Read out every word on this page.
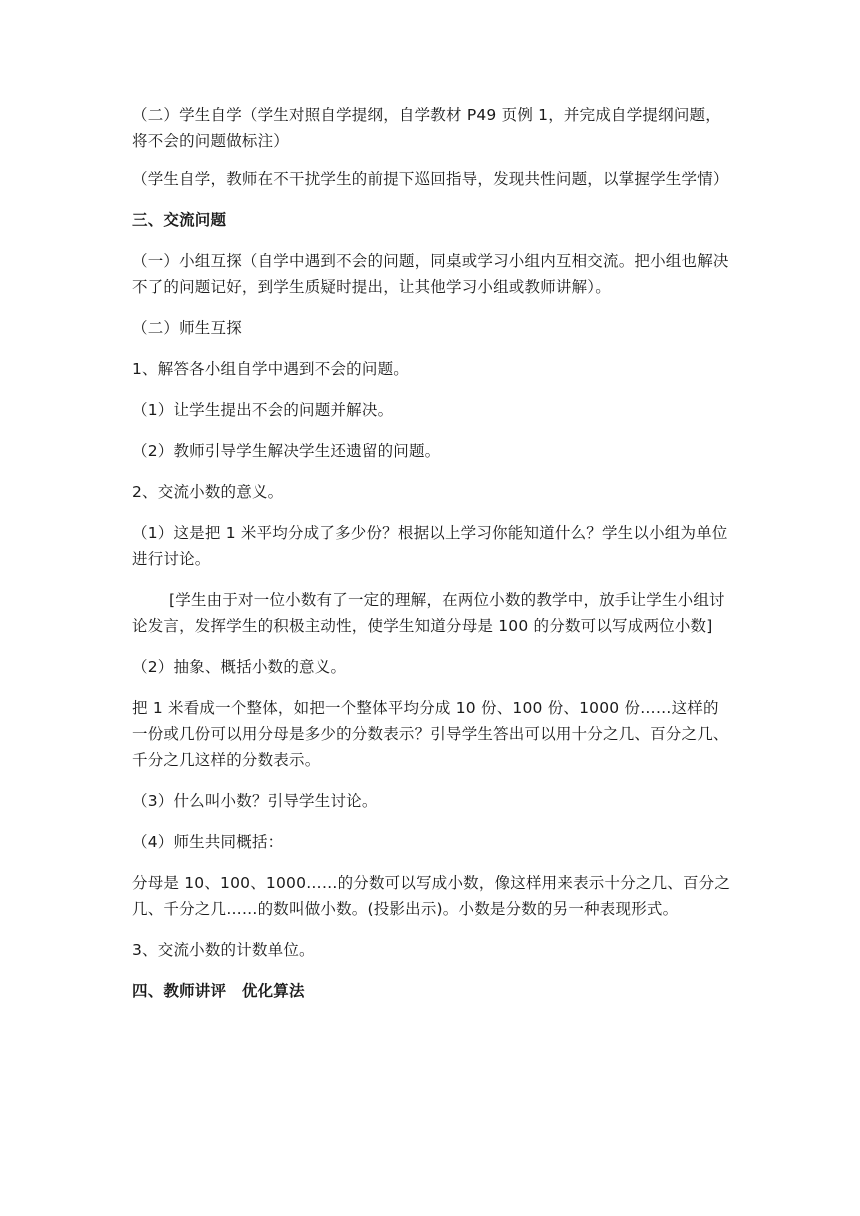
（二）学生自学（学生对照自学提纲，自学教材 P49 页例 1，并完成自学提纲问题，将不会的问题做标注）

（学生自学，教师在不干扰学生的前提下巡回指导，发现共性问题，以掌握学生学情）

三、交流问题

（一）小组互探（自学中遇到不会的问题，同桌或学习小组内互相交流。把小组也解决不了的问题记好，到学生质疑时提出，让其他学习小组或教师讲解）。

（二）师生互探

1、解答各小组自学中遇到不会的问题。

（1）让学生提出不会的问题并解决。

（2）教师引导学生解决学生还遗留的问题。

2、交流小数的意义。

（1）这是把 1 米平均分成了多少份？根据以上学习你能知道什么？学生以小组为单位进行讨论。

[学生由于对一位小数有了一定的理解，在两位小数的教学中，放手让学生小组讨论发言，发挥学生的积极主动性，使学生知道分母是 100 的分数可以写成两位小数]

（2）抽象、概括小数的意义。

把 1 米看成一个整体，如把一个整体平均分成 10 份、100 份、1000 份……这样的一份或几份可以用分母是多少的分数表示？引导学生答出可以用十分之几、百分之几、千分之几这样的分数表示。

（3）什么叫小数？引导学生讨论。

（4）师生共同概括：

分母是 10、100、1000……的分数可以写成小数，像这样用来表示十分之几、百分之几、千分之几……的数叫做小数。(投影出示)。小数是分数的另一种表现形式。

3、交流小数的计数单位。

四、教师讲评　优化算法
